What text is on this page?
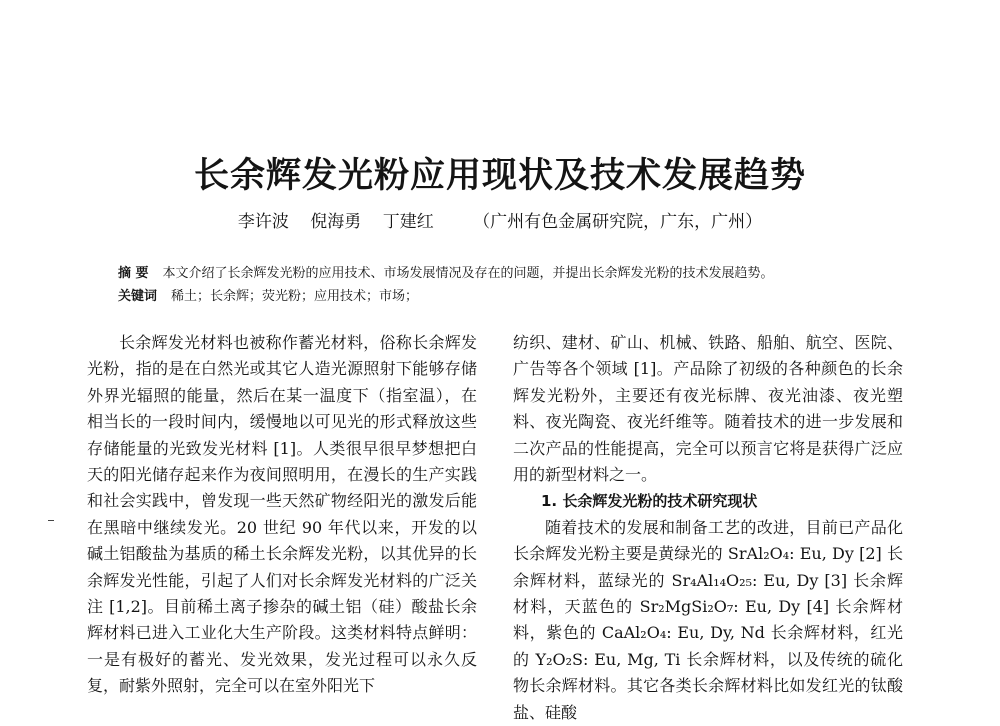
长余辉发光粉应用现状及技术发展趋势
李许波 倪海勇 丁建红 （广州有色金属研究院，广东，广州）
摘 要 本文介绍了长余辉发光粉的应用技术、市场发展情况及存在的问题，并提出长余辉发光粉的技术发展趋势。
关键词 稀土；长余辉；荧光粉；应用技术；市场；

长余辉发光材料也被称作蓄光材料，俗称长余辉发光粉，指的是在白然光或其它人造光源照射下能够存储外界光辐照的能量，然后在某一温度下（指室温），在相当长的一段时间内，缓慢地以可见光的形式释放这些存储能量的光致发光材料 [1]。人类很早很早梦想把白天的阳光储存起来作为夜间照明用，在漫长的生产实践和社会实践中，曾发现一些天然矿物经阳光的激发后能在黑暗中继续发光。20 世纪 90 年代以来，开发的以碱土铝酸盐为基质的稀土长余辉发光粉，以其优异的长余辉发光性能，引起了人们对长余辉发光材料的广泛关注 [1,2]。目前稀土离子掺杂的碱土铝（硅）酸盐长余辉材料已进入工业化大生产阶段。这类材料特点鲜明：一是有极好的蓄光、发光效果，发光过程可以永久反复，耐紫外照射，完全可以在室外阳光下

纺织、建材、矿山、机械、铁路、船舶、航空、医院、广告等各个领域 [1]。产品除了初级的各种颜色的长余辉发光粉外，主要还有夜光标牌、夜光油漆、夜光塑料、夜光陶瓷、夜光纤维等。随着技术的进一步发展和二次产品的性能提高，完全可以预言它将是获得广泛应用的新型材料之一。

1. 长余辉发光粉的技术研究现状

随着技术的发展和制备工艺的改进，目前已产品化长余辉发光粉主要是黄绿光的 SrAl₂O₄: Eu, Dy [2] 长余辉材料，蓝绿光的 Sr₄Al₁₄O₂₅: Eu, Dy [3] 长余辉材料，天蓝色的 Sr₂MgSi₂O₇: Eu, Dy [4] 长余辉材料，紫色的 CaAl₂O₄: Eu, Dy, Nd 长余辉材料，红光的 Y₂O₂S: Eu, Mg, Ti 长余辉材料，以及传统的硫化物长余辉材料。其它各类长余辉材料比如发红光的钛酸盐、硅酸
